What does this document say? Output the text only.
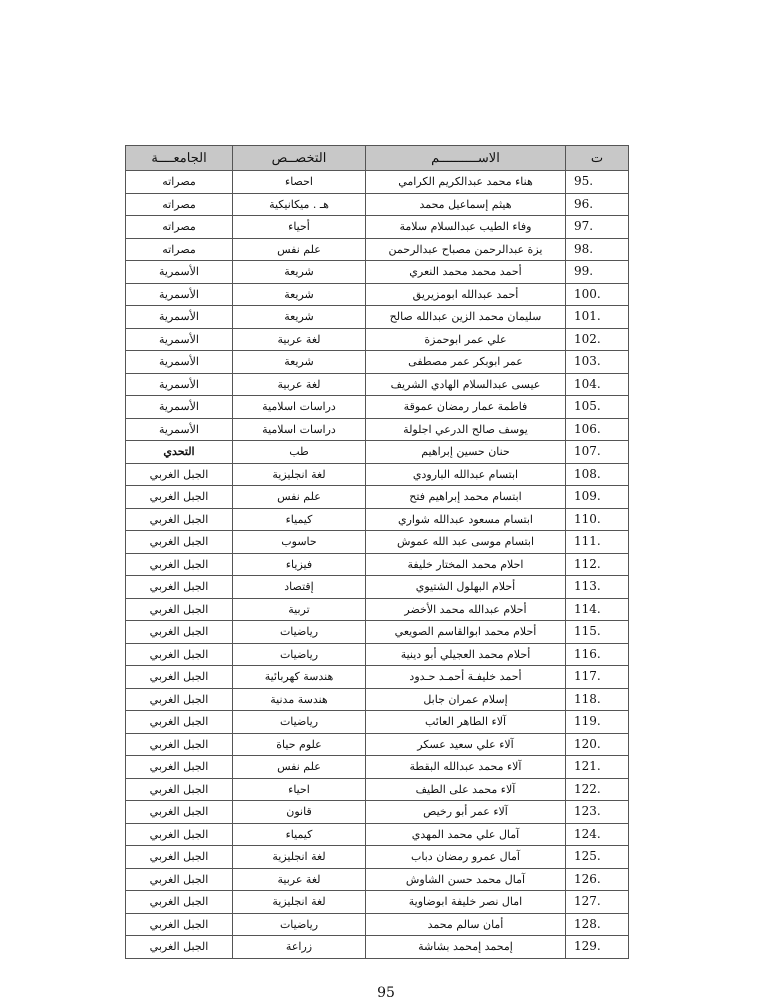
ت	الاســــــــــم	التخصــص	الجامعــــة
95.	هناء محمد عبدالكريم الكرامي	احصاء	مصراته
96.	هيثم إسماعيل محمد	هـ . ميكانيكية	مصراته
97.	وفاء الطيب عبدالسلام سلامة	أحياء	مصراته
98.	يزة عبدالرحمن مصباح عبدالرحمن	علم نفس	مصراته
99.	أحمد محمد محمد النعري	شريعة	الأسمرية
100.	أحمد عبدالله ابومزيريق	شريعة	الأسمرية
101.	سليمان محمد الزين عبدالله صالح	شريعة	الأسمرية
102.	علي عمر ابوحمزة	لغة عربية	الأسمرية
103.	عمر ابوبكر عمر مصطفى	شريعة	الأسمرية
104.	عيسى عبدالسلام الهادي الشريف	لغة عربية	الأسمرية
105.	فاطمة عمار رمضان عموقة	دراسات اسلامية	الأسمرية
106.	يوسف صالح الدرعي اجلولة	دراسات اسلامية	الأسمرية
107.	حنان حسين إبراهيم	طب	التحدي
108.	ابتسام عبدالله البارودي	لغة انجليزية	الجبل الغربي
109.	ابتسام محمد إبراهيم فتح	علم نفس	الجبل الغربي
110.	ابتسام مسعود عبدالله شواري	كيمياء	الجبل الغربي
111.	ابتسام موسى عبد الله عموش	حاسوب	الجبل الغربي
112.	احلام محمد المختار خليفة	فيزياء	الجبل الغربي
113.	أحلام البهلول الشتيوي	إقتصاد	الجبل الغربي
114.	أحلام عبدالله محمد الأخضر	تربية	الجبل الغربي
115.	أحلام محمد ابوالقاسم الصويعي	رياضيات	الجبل الغربي
116.	أحلام محمد العجيلي أبو دينية	رياضيات	الجبل الغربي
117.	أحمد خليفـة أحمـد حـدود	هندسة كهربائية	الجبل الغربي
118.	إسلام عمران جابل	هندسة مدنية	الجبل الغربي
119.	آلاء الطاهر العائب	رياضيات	الجبل الغربي
120.	آلاء علي سعيد عسكر	علوم حياة	الجبل الغربي
121.	آلاء محمد عبدالله البقطة	علم نفس	الجبل الغربي
122.	آلاء محمد على الطيف	احياء	الجبل الغربي
123.	آلاء عمر أبو رخيص	قانون	الجبل الغربي
124.	آمال علي محمد المهدي	كيمياء	الجبل الغربي
125.	آمال عمرو رمضان دباب	لغة انجليزية	الجبل الغربي
126.	آمال محمد حسن الشاوش	لغة عربية	الجبل الغربي
127.	امال نصر خليفة ابوضاوية	لغة انجليزية	الجبل الغربي
128.	أمان سالم محمد	رياضيات	الجبل الغربي
129.	إمحمد إمحمد بشاشة	زراعة	الجبل الغربي
95
